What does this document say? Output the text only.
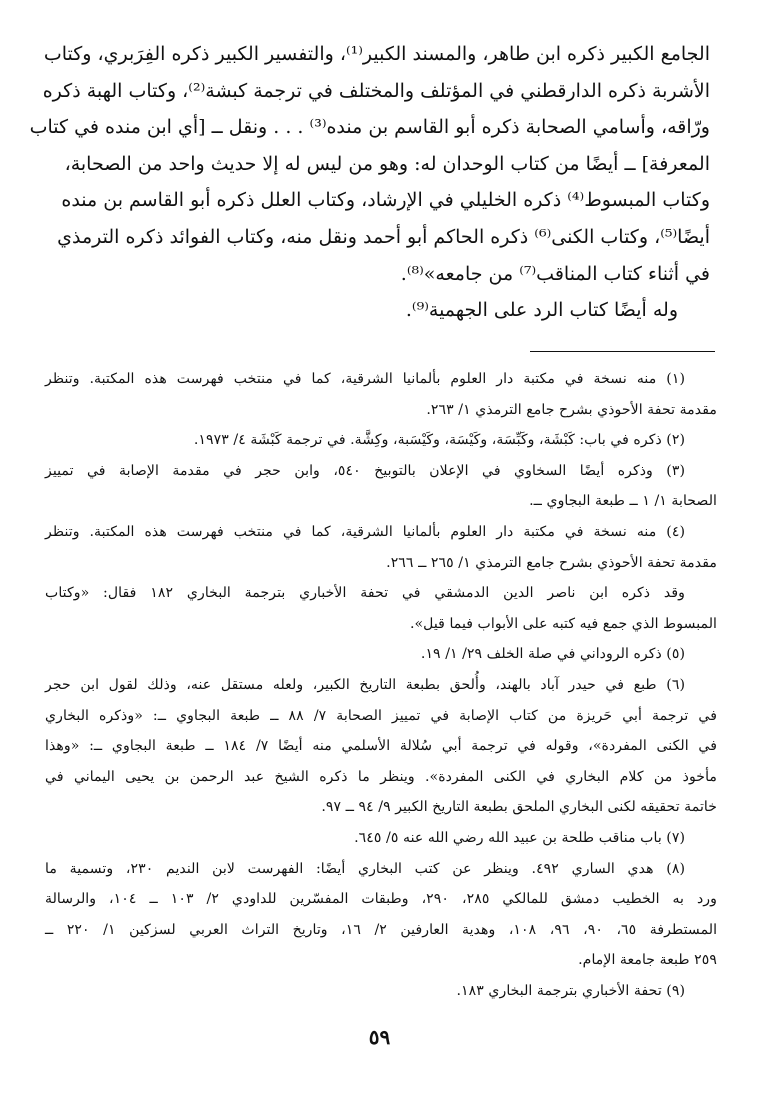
الجامع الكبير ذكره ابن طاهر، والمسند الكبير⁽¹⁾، والتفسير الكبير ذكره الفِرَبري، وكتاب
الأشربة ذكره الدارقطني في المؤتلف والمختلف في ترجمة كبشة⁽²⁾، وكتاب الهبة ذكره
ورّاقه، وأسامي الصحابة ذكره أبو القاسم بن منده⁽³⁾ . . . ونقل ــ [أي ابن منده في كتاب
المعرفة] ــ أيضًا من كتاب الوحدان له: وهو من ليس له إلا حديث واحد من الصحابة،
وكتاب المبسوط⁽⁴⁾ ذكره الخليلي في الإرشاد، وكتاب العلل ذكره أبو القاسم بن منده
أيضًا⁽⁵⁾، وكتاب الكنى⁽⁶⁾ ذكره الحاكم أبو أحمد ونقل منه، وكتاب الفوائد ذكره الترمذي
في أثناء كتاب المناقب⁽⁷⁾ من جامعه»⁽⁸⁾.
وله أيضًا كتاب الرد على الجهمية⁽⁹⁾.
(١) منه نسخة في مكتبة دار العلوم بألمانيا الشرقية، كما في منتخب فهرست هذه المكتبة. وتنظر
مقدمة تحفة الأحوذي بشرح جامع الترمذي ١/ ٢٦٣.
(٢) ذكره في باب: كَبْشَة، وكَبِّسَة، وكَيْسَة، وكَيْسَبة، وكِشَّة. في ترجمة كَبْشَة ٤/ ١٩٧٣.
(٣) وذكره أيضًا السخاوي في الإعلان بالتوبيخ ٥٤٠، وابن حجر في مقدمة الإصابة في تمييز
الصحابة ١/ ١ ــ طبعة البجاوي ــ.
(٤) منه نسخة في مكتبة دار العلوم بألمانيا الشرقية، كما في منتخب فهرست هذه المكتبة. وتنظر
مقدمة تحفة الأحوذي بشرح جامع الترمذي ١/ ٢٦٥ ــ ٢٦٦.
وقد ذكره ابن ناصر الدين الدمشقي في تحفة الأخباري بترجمة البخاري ١٨٢ فقال: «وكتاب
المبسوط الذي جمع فيه كتبه على الأبواب فيما قيل».
(٥) ذكره الروداني في صلة الخلف ٢٩/ ١/ ١٩.
(٦) طبع في حيدر آباد بالهند، وأُلحق بطبعة التاريخ الكبير، ولعله مستقل عنه، وذلك لقول ابن حجر
في ترجمة أبي حَريزة من كتاب الإصابة في تمييز الصحابة ٧/ ٨٨ ــ طبعة البجاوي ــ: «وذكره البخاري
في الكنى المفردة»، وقوله في ترجمة أبي سُلالة الأسلمي منه أيضًا ٧/ ١٨٤ ــ طبعة البجاوي ــ: «وهذا
مأخوذ من كلام البخاري في الكنى المفردة». وينظر ما ذكره الشيخ عبد الرحمن بن يحيى اليماني في
خاتمة تحقيقه لكنى البخاري الملحق بطبعة التاريخ الكبير ٩/ ٩٤ ــ ٩٧.
(٧) باب مناقب طلحة بن عبيد الله رضي الله عنه ٥/ ٦٤٥.
(٨) هدي الساري ٤٩٢. وينظر عن كتب البخاري أيضًا: الفهرست لابن النديم ٢٣٠، وتسمية ما
ورد به الخطيب دمشق للمالكي ٢٨٥، ٢٩٠، وطبقات المفسّرين للداودي ٢/ ١٠٣ ــ ١٠٤، والرسالة
المستطرفة ٦٥، ٩٠، ٩٦، ١٠٨، وهدية العارفين ٢/ ١٦، وتاريخ التراث العربي لسزكين ١/ ٢٢٠ ــ
٢٥٩ طبعة جامعة الإمام.
(٩) تحفة الأخباري بترجمة البخاري ١٨٣.
٥٩
